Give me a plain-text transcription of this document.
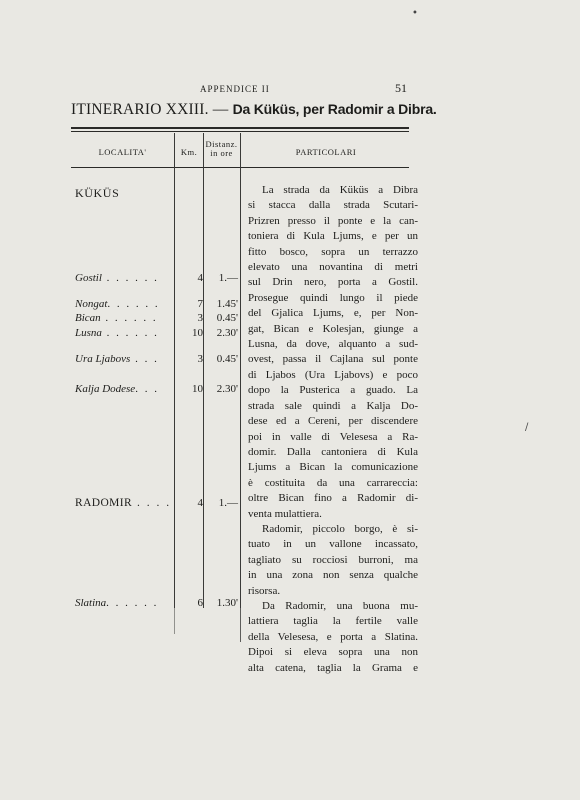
APPENDICE II	51
ITINERARIO XXIII. — Da Küküs, per Radomir a Dibra.
LOCALITA'	Km.
Distanz.
in ore	PARTICOLARI
KÜKÜS
Gostil . . . . . .	4	1.—
Nongat. . . . . .	7	1.45'
Bican . . . . . .	3	0.45'
Lusna . . . . . .	10	2.30'
Ura Ljabovs . . .	3	0.45'
Kalja Dodese. . .	10	2.30'
RADOMIR . . . .	4	1.—
Slatina. . . . . .	6	1.30'
La strada da Küküs a Dibra
si stacca dalla strada Scutari-
Prizren presso il ponte e la can-
toniera di Kula Ljums, e per un
fitto bosco, sopra un terrazzo
elevato una novantina di metri
sul Drin nero, porta a Gostil.
Prosegue quindi lungo il piede
del Gjalica Ljums, e, per Non-
gat, Bican e Kolesjan, giunge a
Lusna, da dove, alquanto a sud-
ovest, passa il Cajlana sul ponte
di Ljabos (Ura Ljabovs) e poco
dopo la Pusterica a guado. La
strada sale quindi a Kalja Do-
dese ed a Cereni, per discendere
poi in valle di Velesesa a Ra-
domir. Dalla cantoniera di Kula
Ljums a Bican la comunicazione
è costituita da una carrareccia:
oltre Bican fino a Radomir di-
venta mulattiera.
Radomir, piccolo borgo, è si-
tuato in un vallone incassato,
tagliato su rocciosi burroni, ma
in una zona non senza qualche
risorsa.
Da Radomir, una buona mu-
lattiera taglia la fertile valle
della Velesesa, e porta a Slatina.
Dipoi si eleva sopra una non
alta catena, taglia la Grama e
•
/
